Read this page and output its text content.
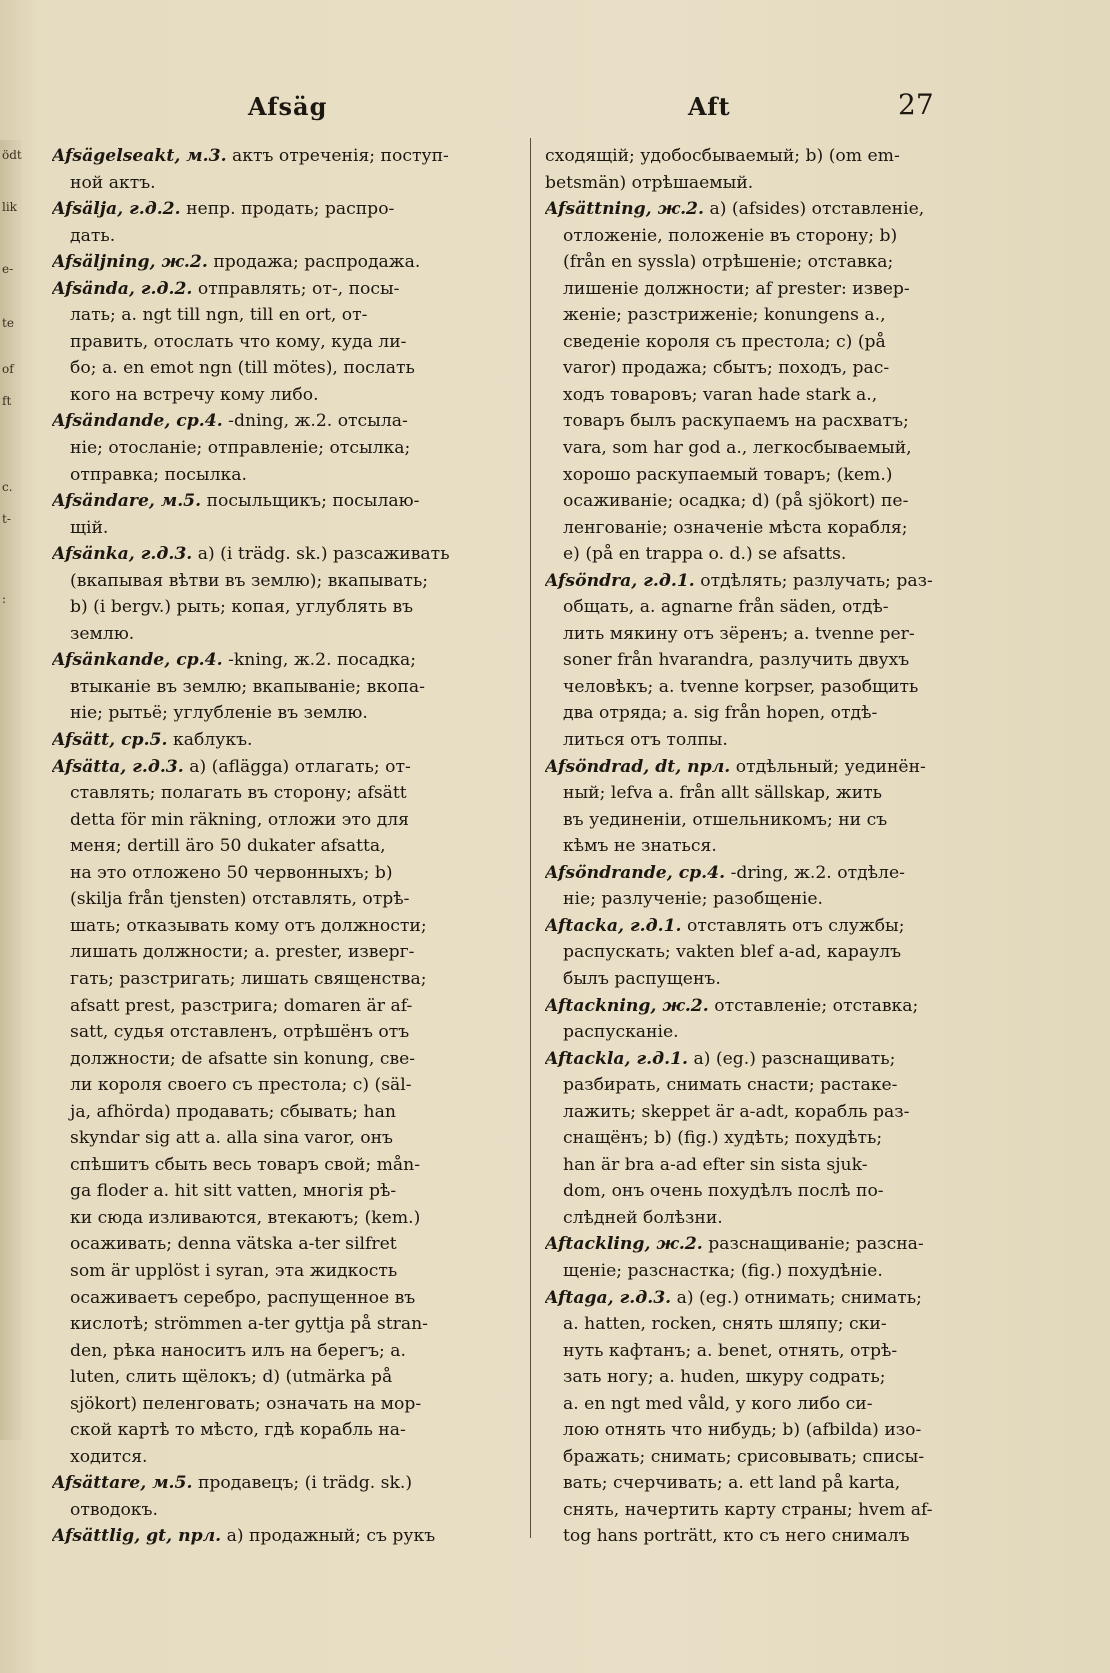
ödt
lik
e-
te
of
ft
c.
t-
:
Afsäg	Aft	27
Afsägelseakt, м.3. актъ отреченія; поступ-
ной актъ.
Afsälja, г.д.2. непр. продать; распро-
дать.
Afsäljning, ж.2. продажа; распродажа.
Afsända, г.д.2. отправлять; от-, посы-
лать; a. ngt till ngn, till en ort, от-
править, отослать что кому, куда ли-
бо; a. en emot ngn (till mötes), послать
кого на встречу кому либо.
Afsändande, ср.4. -dning, ж.2. отсыла-
ніе; отосланіе; отправленіе; отсылка;
отправка; посылка.
Afsändare, м.5. посыльщикъ; посылаю-
щій.
Afsänka, г.д.3. a) (i trädg. sk.) разсаживать
(вкапывая вѣтви въ землю); вкапывать;
b) (i bergv.) рыть; копая, углублять въ
землю.
Afsänkande, ср.4. -kning, ж.2. посадка;
втыканіе въ землю; вкапываніе; вкопа-
ніе; рытьё; углубленіе въ землю.
Afsätt, ср.5. каблукъ.
Afsätta, г.д.3. a) (aflägga) отлагать; от-
ставлять; полагать въ сторону; afsätt
detta för min räkning, отложи это для
меня; dertill äro 50 dukater afsatta,
на это отложено 50 червонныхъ; b)
(skilja från tjensten) отставлять, отрѣ-
шать; отказывать кому отъ должности;
лишать должности; a. prester, изверг-
гать; разстригать; лишать священства;
afsatt prest, разстрига; domaren är af-
satt, судья отставленъ, отрѣшёнъ отъ
должности; de afsatte sin konung, све-
ли короля своего съ престола; c) (säl-
ja, afhörda) продавать; сбывать; han
skyndar sig att a. alla sina varor, онъ
спѣшитъ сбыть весь товаръ свой; mån-
ga floder a. hit sitt vatten, многія рѣ-
ки сюда изливаются, втекаютъ; (kem.)
осаживать; denna vätska a-ter silfret
som är upplöst i syran, эта жидкость
осаживаетъ серебро, распущенное въ
кислотѣ; strömmen a-ter gyttja på stran-
den, рѣка наноситъ илъ на берегъ; a.
luten, слить щёлокъ; d) (utmärka på
sjökort) пеленговать; означать на мор-
ской картѣ то мѣсто, гдѣ корабль на-
ходится.
Afsättare, м.5. продавецъ; (i trädg. sk.)
отводокъ.
Afsättlig, gt, прл. a) продажный; съ рукъ
сходящій; удобосбываемый; b) (om em-
betsmän) отрѣшаемый.
Afsättning, ж.2. a) (afsides) отставленіе,
отложеніе, положеніе въ сторону; b)
(från en syssla) отрѣшеніе; отставка;
лишеніе должности; af prester: извер-
женіе; разстриженіе; konungens a.,
сведеніе короля съ престола; c) (på
varor) продажа; сбытъ; походъ, рас-
ходъ товаровъ; varan hade stark a.,
товаръ былъ раскупаемъ на расхватъ;
vara, som har god a., легкосбываемый,
хорошо раскупаемый товаръ; (kem.)
осаживаніе; осадка; d) (på sjökort) пе-
ленгованіе; означеніе мѣста корабля;
e) (på en trappa o. d.) se afsatts.
Afsöndra, г.д.1. отдѣлять; разлучать; раз-
общать, a. agnarne från säden, отдѣ-
лить мякину отъ зёренъ; a. tvenne per-
soner från hvarandra, разлучить двухъ
человѣкъ; a. tvenne korpser, разобщить
два отряда; a. sig från hopen, отдѣ-
литься отъ толпы.
Afsöndrad, dt, прл. отдѣльный; уединён-
ный; lefva a. från allt sällskap, жить
въ уединеніи, отшельникомъ; ни съ
кѣмъ не знаться.
Afsöndrande, ср.4. -dring, ж.2. отдѣле-
ніе; разлученіе; разобщеніе.
Aftacka, г.д.1. отставлять отъ службы;
распускать; vakten blef a-ad, караулъ
былъ распущенъ.
Aftackning, ж.2. отставленіе; отставка;
распусканіе.
Aftackla, г.д.1. a) (eg.) разснащивать;
разбирать, снимать снасти; растаке-
лажить; skeppet är a-adt, корабль раз-
снащёнъ; b) (fig.) худѣть; похудѣть;
han är bra a-ad efter sin sista sjuk-
dom, онъ очень похудѣлъ послѣ по-
слѣдней болѣзни.
Aftackling, ж.2. разснащиваніе; разсна-
щеніе; разснастка; (fig.) похудѣніе.
Aftaga, г.д.3. a) (eg.) отнимать; снимать;
a. hatten, rocken, снять шляпу; ски-
нуть кафтанъ; a. benet, отнять, отрѣ-
зать ногу; a. huden, шкуру содрать;
a. en ngt med våld, у кого либо си-
лою отнять что нибудь; b) (afbilda) изо-
бражать; снимать; срисовывать; списы-
вать; счерчивать; a. ett land på karta,
снять, начертить карту страны; hvem af-
tog hans porträtt, кто съ него снималъ
